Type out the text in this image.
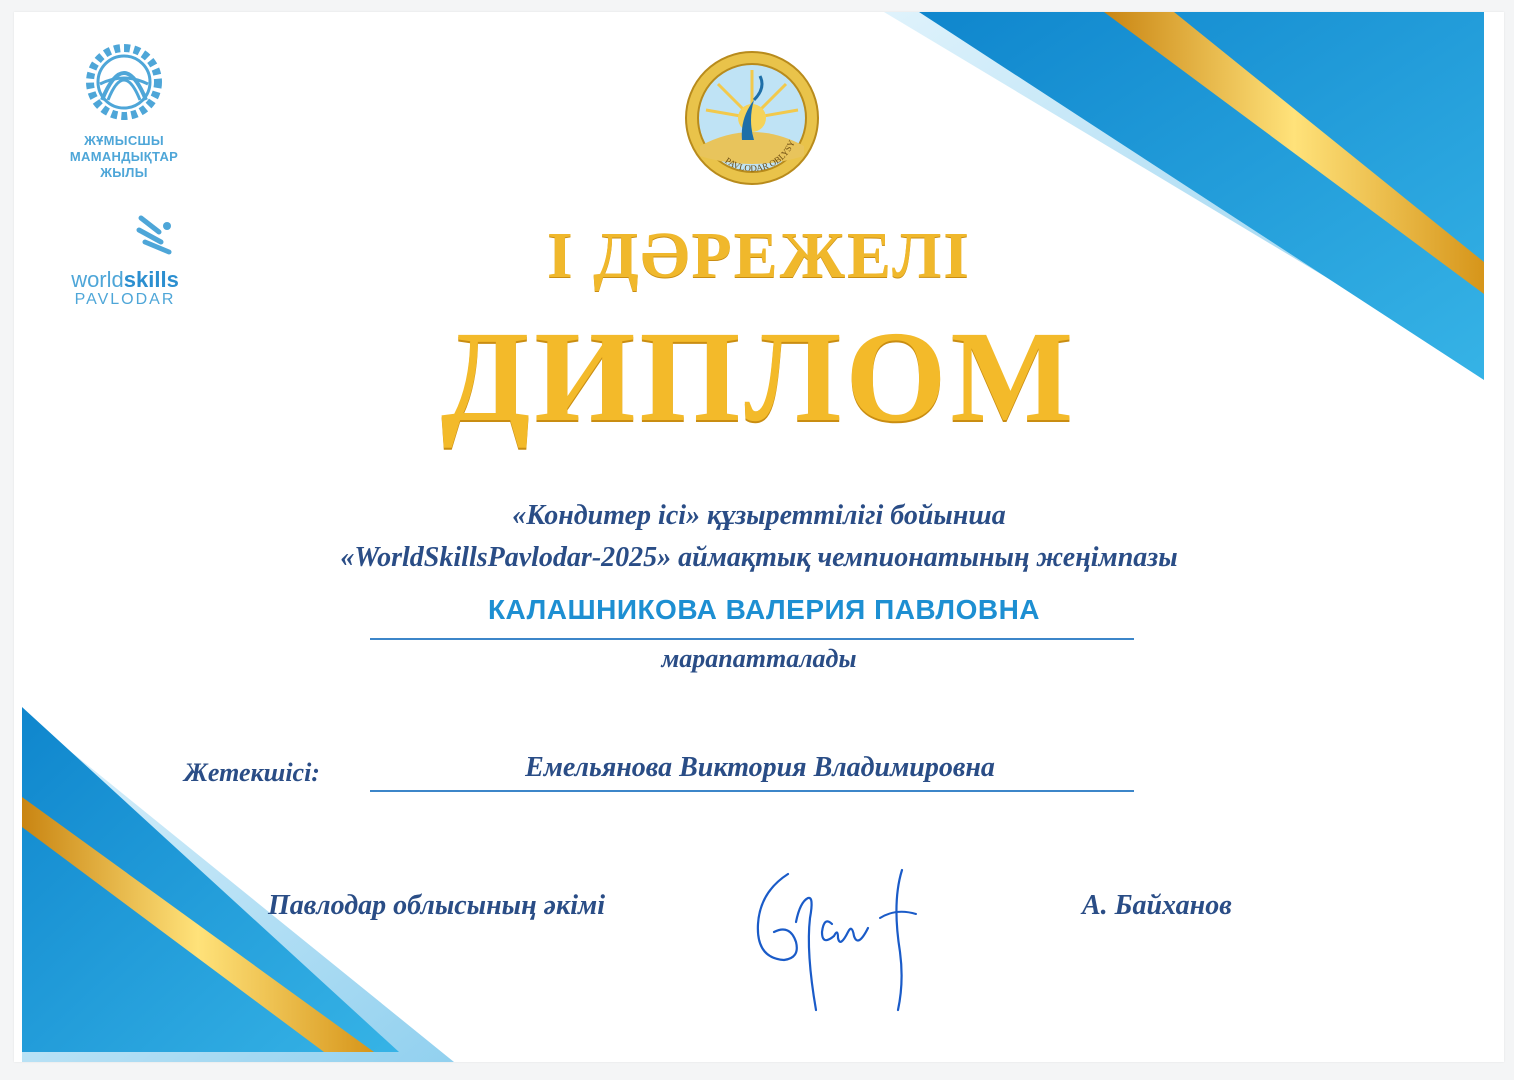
ЖҰМЫСШЫ
МАМАНДЫҚТАР
ЖЫЛЫ
worldskills
PAVLODAR
PAVLODAR OBLYSY
І ДӘРЕЖЕЛІ
ДИПЛОМ
«Кондитер ісі» құзыреттілігі бойынша
«WorldSkillsPavlodar-2025» аймақтық чемпионатының жеңімпазы
КАЛАШНИКОВА ВАЛЕРИЯ ПАВЛОВНА
марапатталады
Жетекшісі:	Емельянова Виктория Владимировна
Павлодар облысының әкімі	А. Байханов
